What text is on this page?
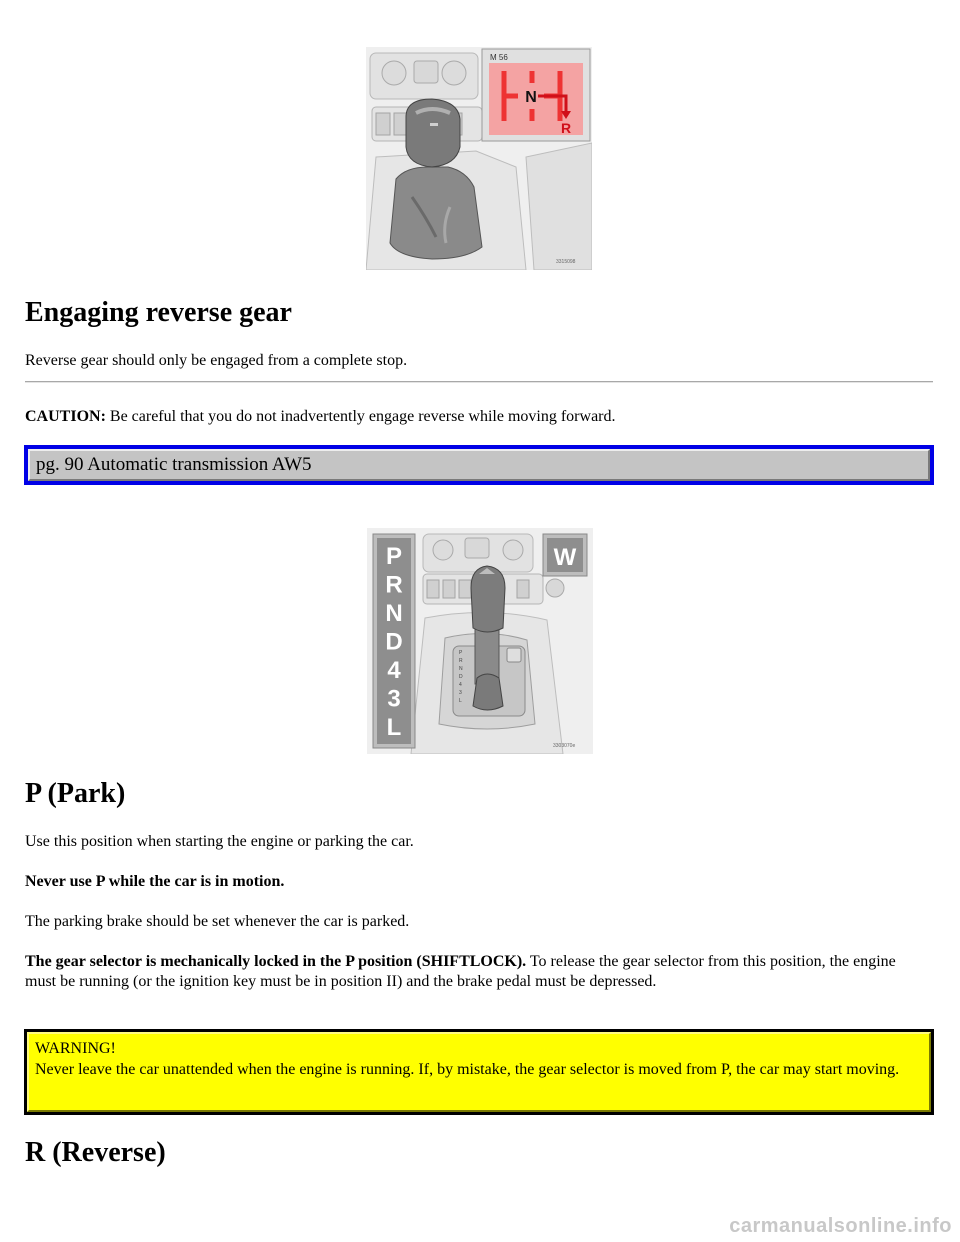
M 56
N
R
3315098
Engaging reverse gear

Reverse gear should only be engaged from a complete stop.

CAUTION: Be careful that you do not inadvertently engage reverse while moving forward.

pg. 90 Automatic transmission AW5
P
R
N
D
4
3
L
P
R
N
D
4
3
L
W
3303070e
P (Park)

Use this position when starting the engine or parking the car.

Never use P while the car is in motion.

The parking brake should be set whenever the car is parked.

The gear selector is mechanically locked in the P position (SHIFTLOCK). To release the gear selector from this position, the engine must be running (or the ignition key must be in position II) and the brake pedal must be depressed.

WARNING!
Never leave the car unattended when the engine is running. If, by mistake, the gear selector is moved from P, the car may start moving.
R (Reverse)
carmanualsonline.info
